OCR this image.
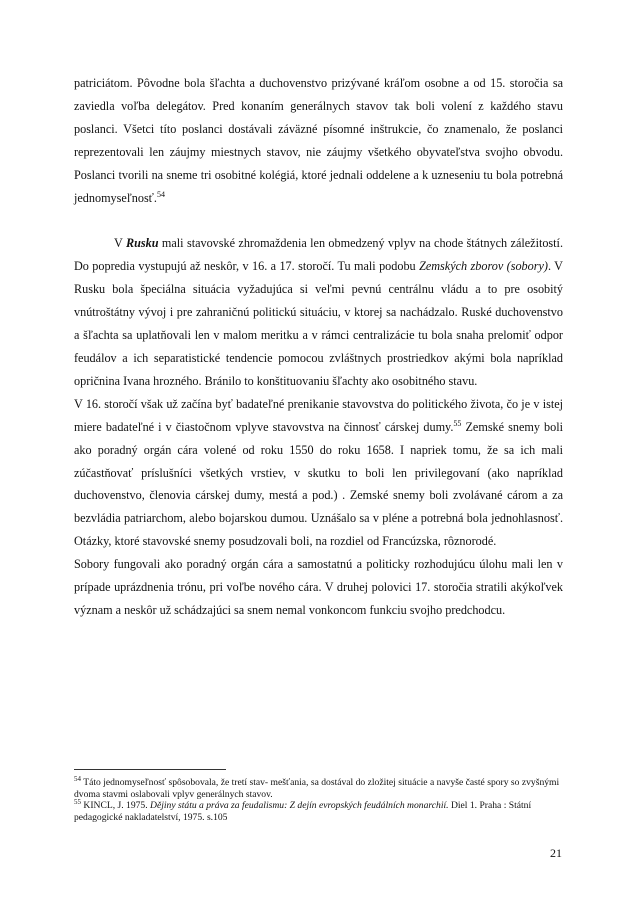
patriciátom. Pôvodne bola šľachta a duchovenstvo prizývané kráľom osobne a od 15. storočia sa zaviedla voľba delegátov. Pred konaním generálnych stavov tak boli volení z každého stavu poslanci. Všetci títo poslanci dostávali záväzné písomné inštrukcie, čo znamenalo, že poslanci reprezentovali len záujmy miestnych stavov, nie záujmy všetkého obyvateľstva svojho obvodu. Poslanci tvorili na sneme tri osobitné kolégiá, ktoré jednali oddelene a k uzneseniu tu bola potrebná jednomyseľnosť.$^{54}$

V Rusku mali stavovské zhromaždenia len obmedzený vplyv na chode štátnych záležitostí. Do popredia vystupujú až neskôr, v 16. a 17. storočí. Tu mali podobu Zemských zborov (sobory). V Rusku bola špeciálna situácia vyžadujúca si veľmi pevnú centrálnu vládu a to pre osobitý vnútroštátny vývoj i pre zahraničnú politickú situáciu, v ktorej sa nachádzalo. Ruské duchovenstvo a šľachta sa uplatňovali len v malom meritku a v rámci centralizácie tu bola snaha prelomiť odpor feudálov a ich separatistické tendencie pomocou zvláštnych prostriedkov akými bola napríklad opričnina Ivana hrozného. Bránilo to konštituovaniu šľachty ako osobitného stavu.

V 16. storočí však už začína byť badateľné prenikanie stavovstva do politického života, čo je v istej miere badateľné i v čiastočnom vplyve stavovstva na činnosť cárskej dumy.$^{55}$ Zemské snemy boli ako poradný orgán cára volené od roku 1550 do roku 1658. I napriek tomu, že sa ich mali zúčastňovať príslušníci všetkých vrstiev, v skutku to boli len privilegovaní (ako napríklad duchovenstvo, členovia cárskej dumy, mestá a pod.) . Zemské snemy boli zvolávané cárom a za bezvládia patriarchom, alebo bojarskou dumou. Uznášalo sa v pléne a potrebná bola jednohlasnosť. Otázky, ktoré stavovské snemy posudzovali boli, na rozdiel od Francúzska, rôznorodé.

Sobory fungovali ako poradný orgán cára a samostatnú a politicky rozhodujúcu úlohu mali len v prípade uprázdnenia trónu, pri voľbe nového cára. V druhej polovici 17. storočia stratili akýkoľvek význam a neskôr už schádzajúci sa snem nemal vonkoncom funkciu svojho predchodcu.

$^{54}$ Táto jednomyseľnosť spôsobovala, že tretí stav- mešťania, sa dostával do zložitej situácie a navyše časté spory so zvyšnými dvoma stavmi oslabovali vplyv generálnych stavov.

$^{55}$ KINCL, J. 1975. Dějiny státu a práva za feudalismu: Z dejín evropských feudálních monarchií. Diel 1. Praha : Státní pedagogické nakladatelství, 1975. s.105

21
